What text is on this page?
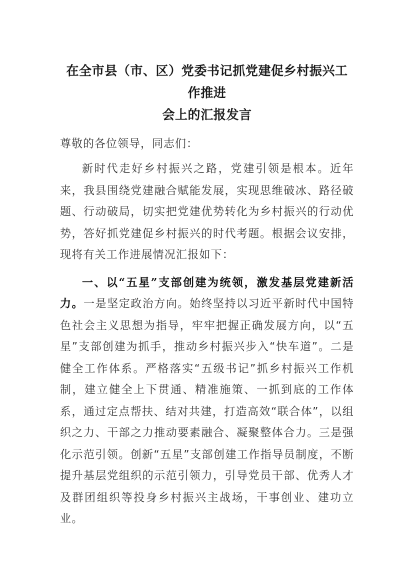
在全市县（市、区）党委书记抓党建促乡村振兴工作推进
会上的汇报发言

尊敬的各位领导，同志们：

新时代走好乡村振兴之路，党建引领是根本。近年来，我县围绕党建融合赋能发展，实现思维破冰、路径破题、行动破局，切实把党建优势转化为乡村振兴的行动优势，答好抓党建促乡村振兴的时代考题。根据会议安排，现将有关工作进展情况汇报如下：

一、以“五星”支部创建为统领，激发基层党建新活力。一是坚定政治方向。始终坚持以习近平新时代中国特色社会主义思想为指导，牢牢把握正确发展方向，以“五星”支部创建为抓手，推动乡村振兴步入“快车道”。二是健全工作体系。严格落实“五级书记”抓乡村振兴工作机制，建立健全上下贯通、精准施策、一抓到底的工作体系，通过定点帮扶、结对共建，打造高效“联合体”，以组织之力、干部之力推动要素融合、凝聚整体合力。三是强化示范引领。创新“五星”支部创建工作指导员制度，不断提升基层党组织的示范引领力，引导党员干部、优秀人才及群团组织等投身乡村振兴主战场，干事创业、建功立业。
